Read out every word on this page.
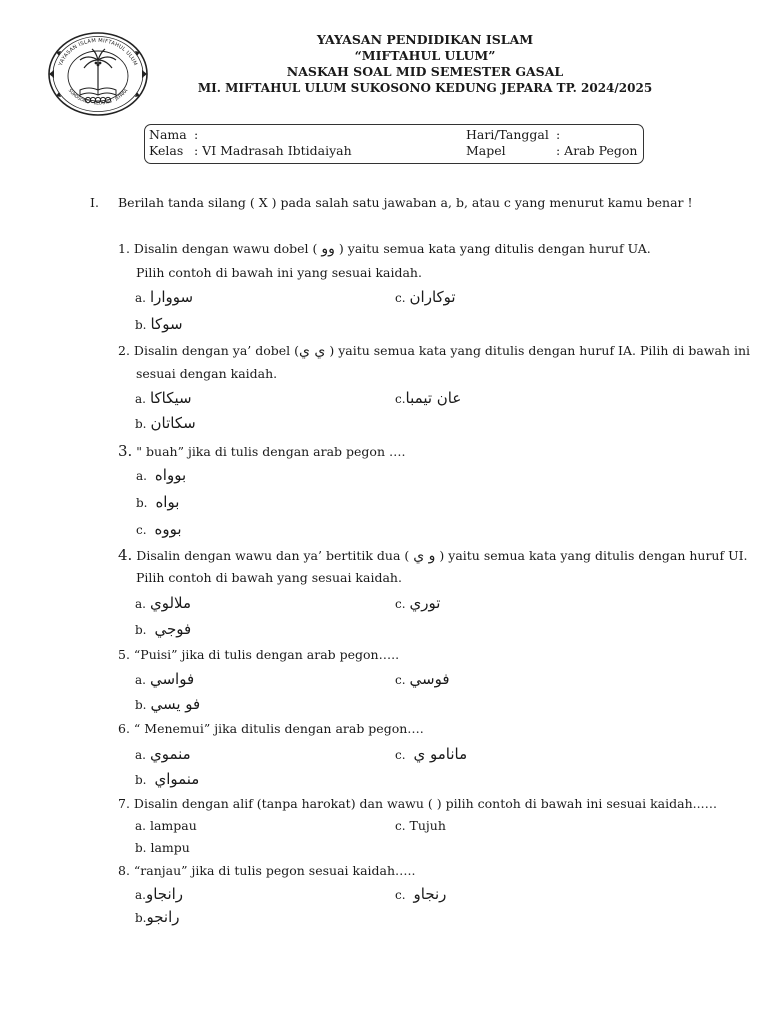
YAYASAN ISLAM MIFTAHUL ULUM
SUKOSONO · KEDUNG · JEPARA
YAYASAN PENDIDIKAN ISLAM
“MIFTAHUL ULUM”
NASKAH SOAL MID SEMESTER GASAL
MI. MIFTAHUL ULUM SUKOSONO KEDUNG JEPARA TP. 2024/2025
Nama :
Kelas : VI Madrasah Ibtidaiyah
Hari/Tanggal :
Mapel	: Arab Pegon
I. Berilah tanda silang ( X ) pada salah satu jawaban a, b, atau c yang menurut kamu benar !
1. Disalin dengan wawu dobel ( وو ) yaitu semua kata yang ditulis dengan huruf UA.
Pilih contoh di bawah ini yang sesuai kaidah.
a. سووارا	c. توكاران
b. سوكا
2. Disalin dengan ya’ dobel (ي ي ) yaitu semua kata yang ditulis dengan huruf IA. Pilih di bawah ini
sesuai dengan kaidah.
a. سيكاكا	c.عان تيمبا
b. سكاتان
3. " buah” jika di tulis dengan arab pegon ….
a. بوواه
b. بواه
c. بووه
4. Disalin dengan wawu dan ya’ bertitik dua ( و ي ) yaitu semua kata yang ditulis dengan huruf UI.
Pilih contoh di bawah yang sesuai kaidah.
a. ملالوي	c. توري
b. فوجي
5. “Puisi” jika di tulis dengan arab pegon…..
a. فواسي	c. فوسي
b. فو يسي
6. “ Menemui” jika ditulis dengan arab pegon….
a. منموي	c. مانامو ي
b. منمواي
7. Disalin dengan alif (tanpa harokat) dan wawu ( ) pilih contoh di bawah ini sesuai kaidah..….
a. lampau	c. Tujuh
b. lampu
8. “ranjau” jika di tulis pegon sesuai kaidah…..
a.رانجاو	c. رنجاو
b.رانجو
